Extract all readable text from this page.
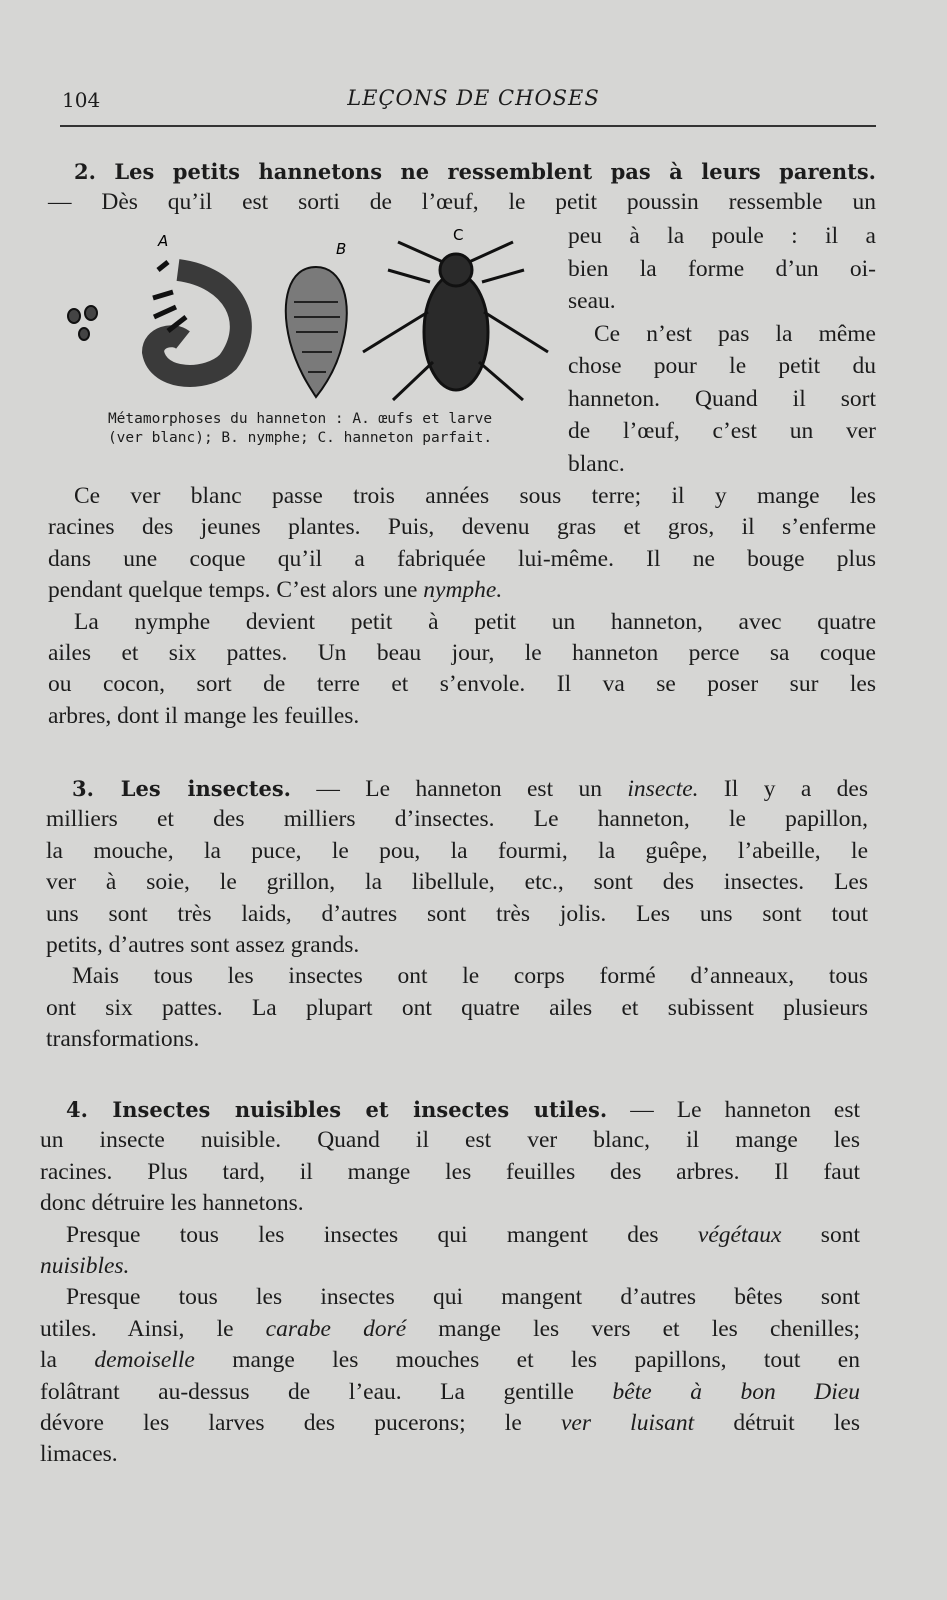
104	LEÇONS DE CHOSES
A	B
C
Métamorphoses du hanneton : A. œufs et larve
(ver blanc); B. nymphe; C. hanneton parfait.
2. Les petits hannetons ne ressemblent pas à leurs parents.
— Dès qu’il est sorti de l’œuf, le petit poussin ressemble un
peu à la poule : il a
bien la forme d’un oi-
seau.
Ce n’est pas la même
chose pour le petit du
hanneton. Quand il sort
de l’œuf, c’est un ver
blanc.
Ce ver blanc passe trois années sous terre; il y mange les
racines des jeunes plantes. Puis, devenu gras et gros, il s’enferme
dans une coque qu’il a fabriquée lui-même. Il ne bouge plus
pendant quelque temps. C’est alors une nymphe.
La nymphe devient petit à petit un hanneton, avec quatre
ailes et six pattes. Un beau jour, le hanneton perce sa coque
ou cocon, sort de terre et s’envole. Il va se poser sur les
arbres, dont il mange les feuilles.
3. Les insectes. — Le hanneton est un insecte. Il y a des
milliers et des milliers d’insectes. Le hanneton, le papillon,
la mouche, la puce, le pou, la fourmi, la guêpe, l’abeille, le
ver à soie, le grillon, la libellule, etc., sont des insectes. Les
uns sont très laids, d’autres sont très jolis. Les uns sont tout
petits, d’autres sont assez grands.
Mais tous les insectes ont le corps formé d’anneaux, tous
ont six pattes. La plupart ont quatre ailes et subissent plusieurs
transformations.
4. Insectes nuisibles et insectes utiles. — Le hanneton est
un insecte nuisible. Quand il est ver blanc, il mange les
racines. Plus tard, il mange les feuilles des arbres. Il faut
donc détruire les hannetons.
Presque tous les insectes qui mangent des végétaux sont
nuisibles.
Presque tous les insectes qui mangent d’autres bêtes sont
utiles. Ainsi, le carabe doré mange les vers et les chenilles;
la demoiselle mange les mouches et les papillons, tout en
folâtrant au-dessus de l’eau. La gentille bête à bon Dieu
dévore les larves des pucerons; le ver luisant détruit les
limaces.
